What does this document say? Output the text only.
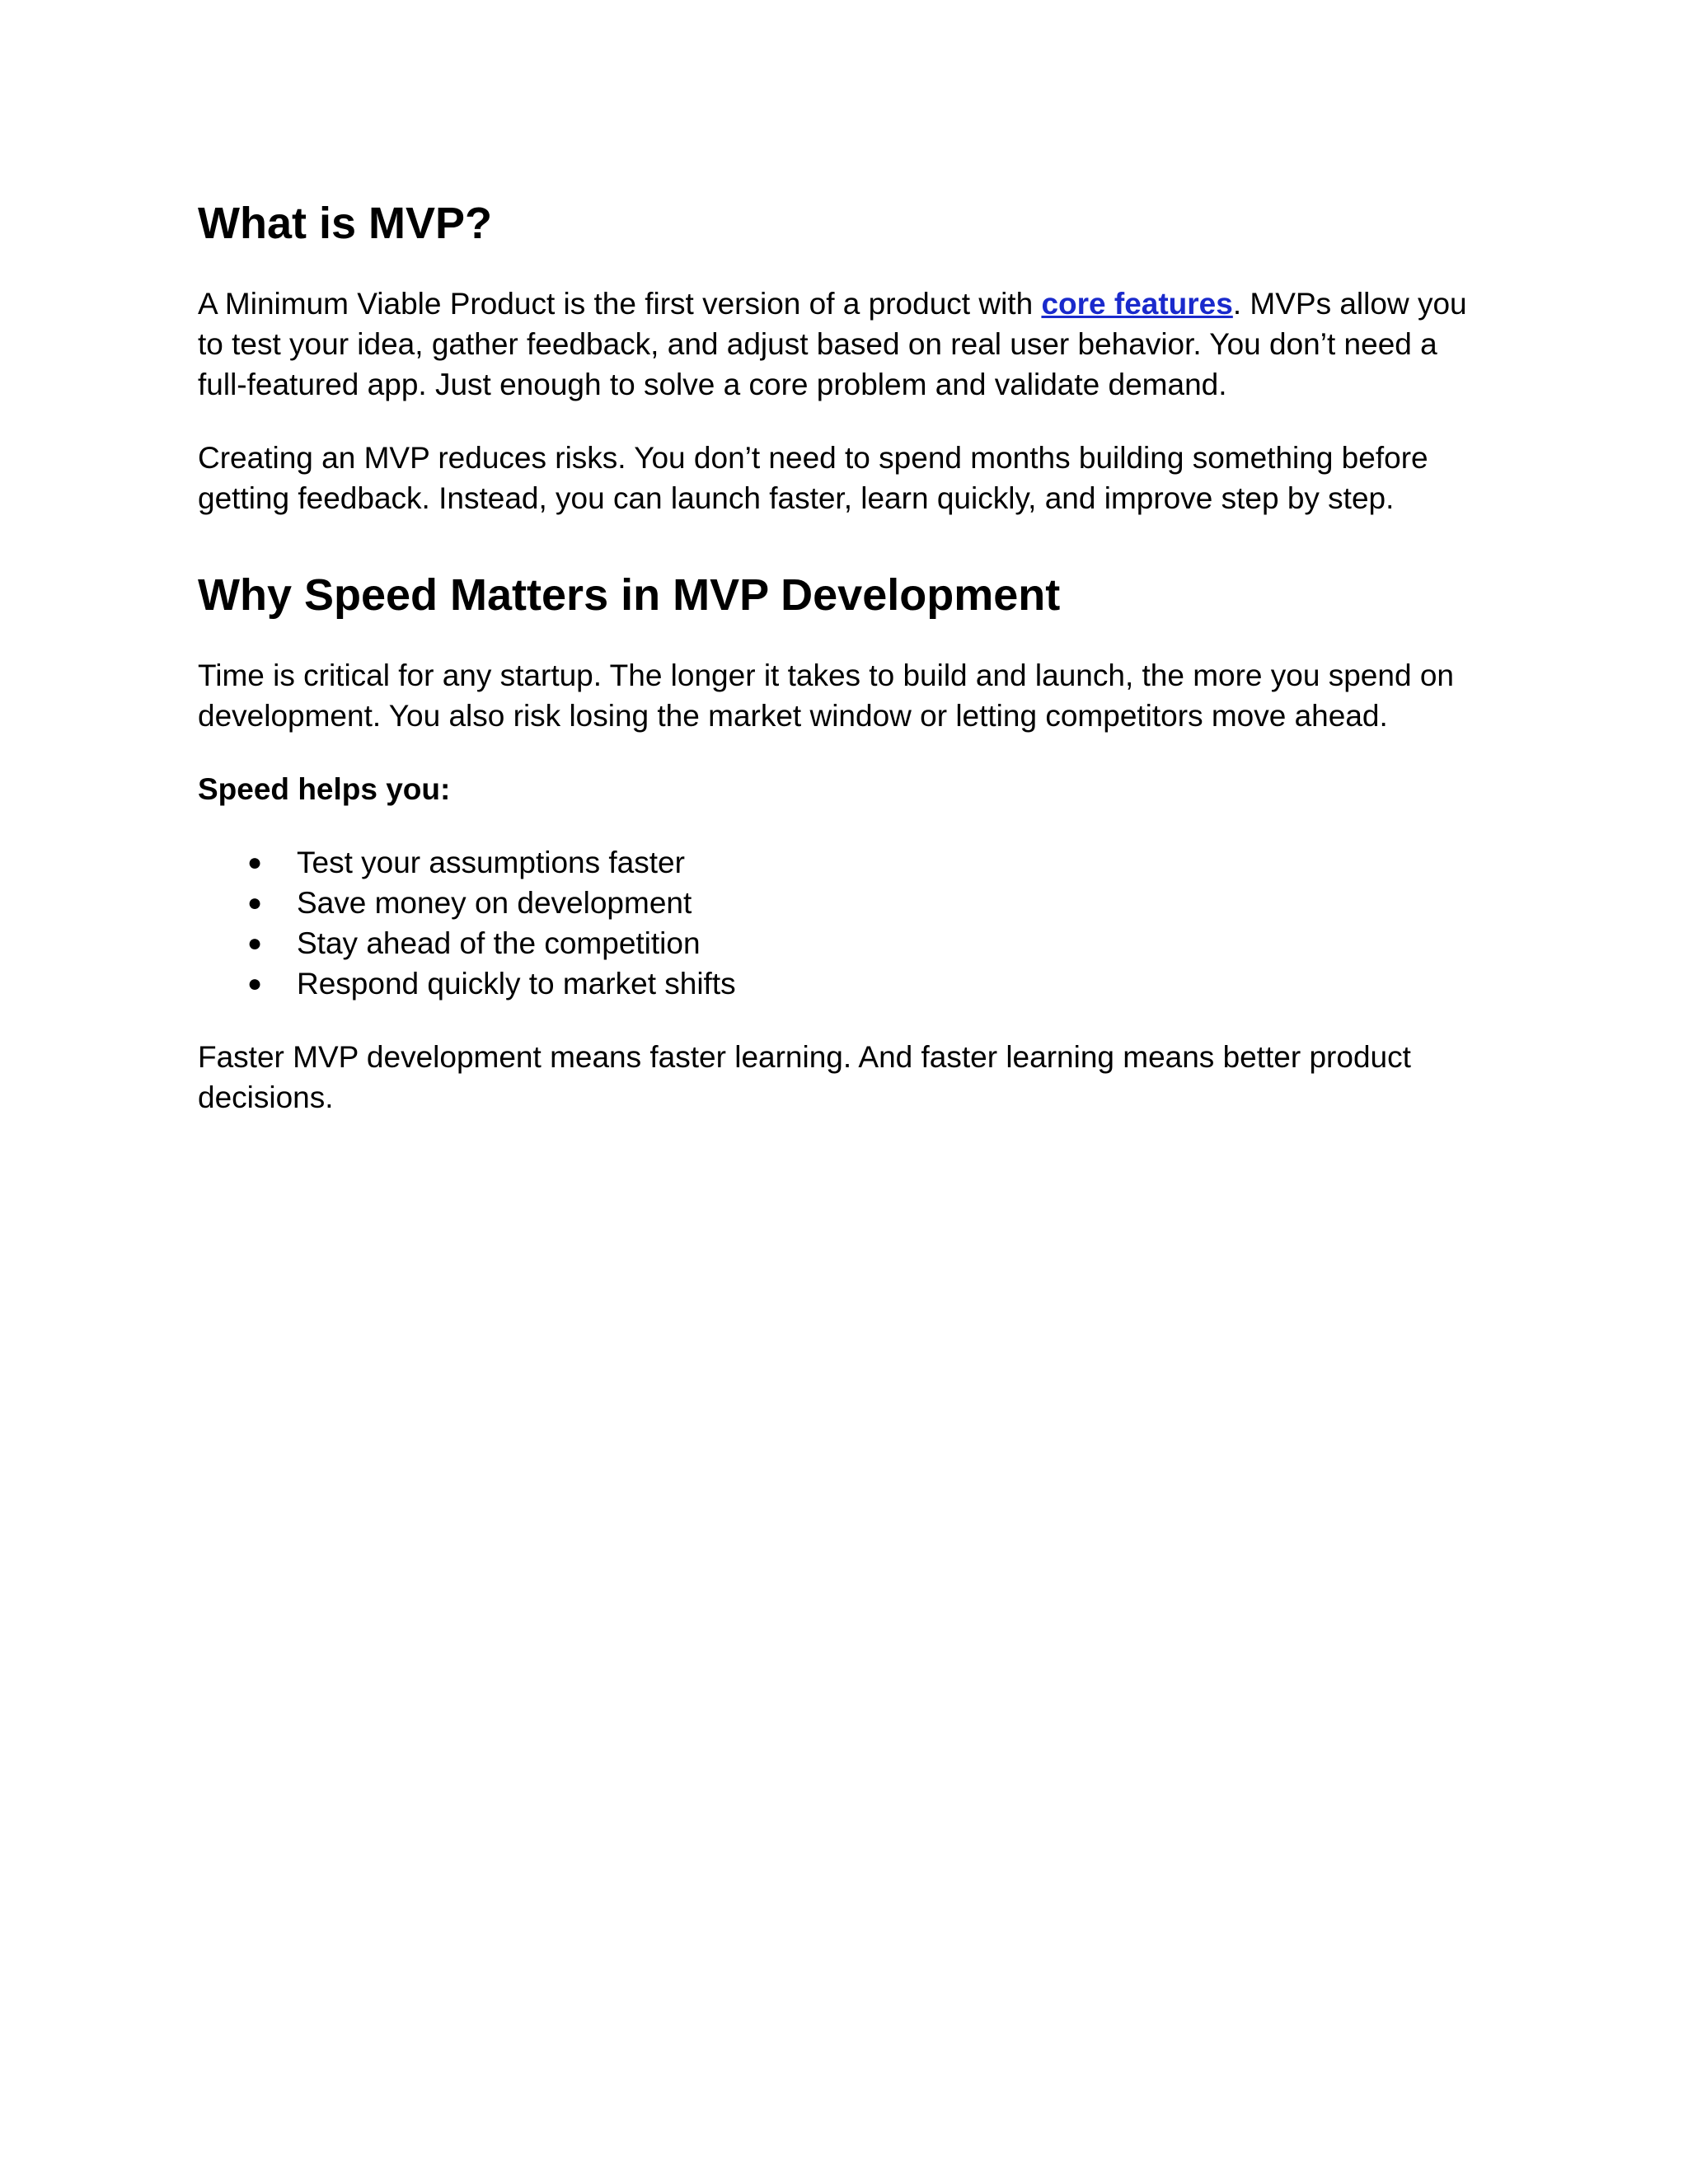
What is MVP?

A Minimum Viable Product is the first version of a product with core features. MVPs allow you to test your idea, gather feedback, and adjust based on real user behavior. You don’t need a full-featured app. Just enough to solve a core problem and validate demand.

Creating an MVP reduces risks. You don’t need to spend months building something before getting feedback. Instead, you can launch faster, learn quickly, and improve step by step.

Why Speed Matters in MVP Development

Time is critical for any startup. The longer it takes to build and launch, the more you spend on development. You also risk losing the market window or letting competitors move ahead.

Speed helps you:

● Test your assumptions faster
● Save money on development
● Stay ahead of the competition
● Respond quickly to market shifts

Faster MVP development means faster learning. And faster learning means better product decisions.
